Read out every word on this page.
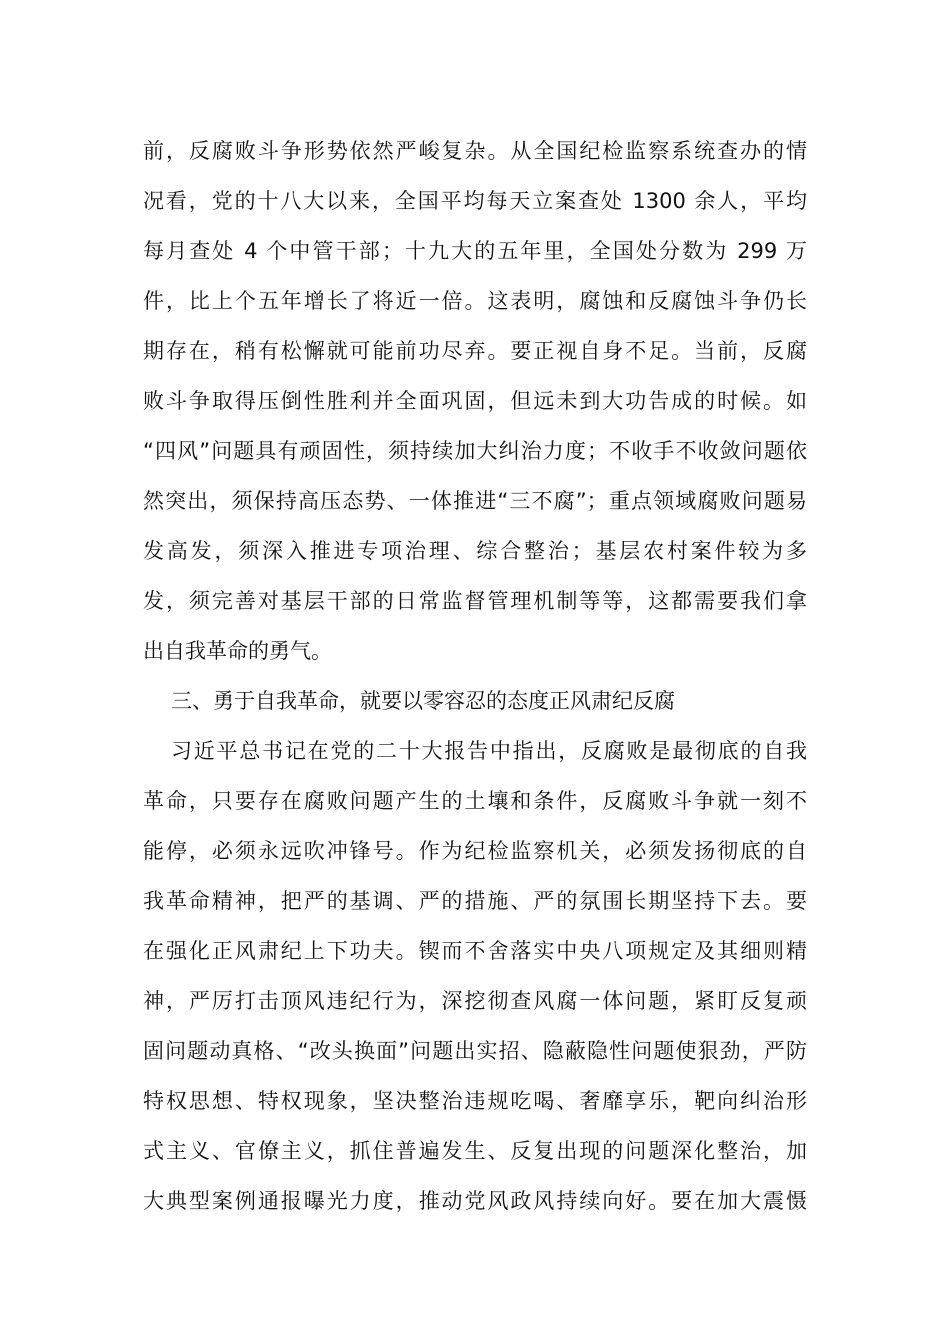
前，反腐败斗争形势依然严峻复杂。从全国纪检监察系统查办的情
况看，党的十八大以来，全国平均每天立案查处 1300 余人，平均
每月查处 4 个中管干部；十九大的五年里，全国处分数为 299 万
件，比上个五年增长了将近一倍。这表明，腐蚀和反腐蚀斗争仍长
期存在，稍有松懈就可能前功尽弃。要正视自身不足。当前，反腐
败斗争取得压倒性胜利并全面巩固，但远未到大功告成的时候。如
“四风”问题具有顽固性，须持续加大纠治力度；不收手不收敛问题依
然突出，须保持高压态势、一体推进“三不腐”；重点领域腐败问题易
发高发，须深入推进专项治理、综合整治；基层农村案件较为多
发，须完善对基层干部的日常监督管理机制等等，这都需要我们拿
出自我革命的勇气。
三、勇于自我革命，就要以零容忍的态度正风肃纪反腐
习近平总书记在党的二十大报告中指出，反腐败是最彻底的自我
革命，只要存在腐败问题产生的土壤和条件，反腐败斗争就一刻不
能停，必须永远吹冲锋号。作为纪检监察机关，必须发扬彻底的自
我革命精神，把严的基调、严的措施、严的氛围长期坚持下去。要
在强化正风肃纪上下功夫。锲而不舍落实中央八项规定及其细则精
神，严厉打击顶风违纪行为，深挖彻查风腐一体问题，紧盯反复顽
固问题动真格、“改头换面”问题出实招、隐蔽隐性问题使狠劲，严防
特权思想、特权现象，坚决整治违规吃喝、奢靡享乐，靶向纠治形
式主义、官僚主义，抓住普遍发生、反复出现的问题深化整治，加
大典型案例通报曝光力度，推动党风政风持续向好。要在加大震慑
